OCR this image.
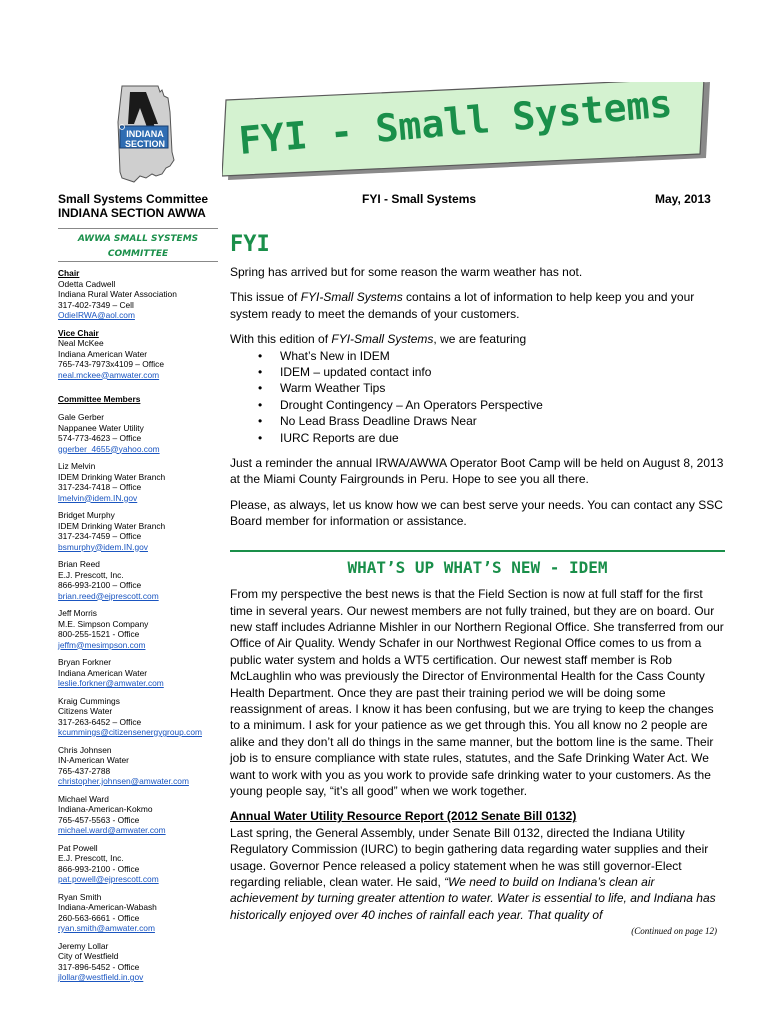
INDIANA
SECTION FYI - Small Systems
Small Systems Committee
INDIANA SECTION AWWA
FYI - Small Systems	May, 2013
AWWA SMALL SYSTEMS
COMMITTEE
Chair
Odetta Cadwell
Indiana Rural Water Association
317-402-7349 – Cell
OdieIRWA@aol.com
Vice Chair
Neal McKee
Indiana American Water
765-743-7973x4109 – Office
neal.mckee@amwater.com
Committee Members
Gale Gerber
Nappanee Water Utility
574-773-4623 – Office
ggerber_4655@yahoo.com
Liz Melvin
IDEM Drinking Water Branch
317-234-7418 – Office
lmelvin@idem.IN.gov
Bridget Murphy
IDEM Drinking Water Branch
317-234-7459 – Office
bsmurphy@idem.IN.gov
Brian Reed
E.J. Prescott, Inc.
866-993-2100 – Office
brian.reed@ejprescott.com
Jeff Morris
M.E. Simpson Company
800-255-1521 - Office
jeffm@mesimpson.com
Bryan Forkner
Indiana American Water
leslie.forkner@amwater.com
Kraig Cummings
Citizens Water
317-263-6452 – Office
kcummings@citizensenergygroup.com
Chris Johnsen
IN-American Water
765-437-2788
christopher.johnsen@amwater.com
Michael Ward
Indiana-American-Kokmo
765-457-5563 - Office
michael.ward@amwater.com
Pat Powell
E.J. Prescott, Inc.
866-993-2100 - Office
pat.powell@ejprescott.com
Ryan Smith
Indiana-American-Wabash
260-563-6661 - Office
ryan.smith@amwater.com
Jeremy Lollar
City of Westfield
317-896-5452 - Office
jlollar@westfield.in.gov
FYI

Spring has arrived but for some reason the warm weather has not.

This issue of FYI-Small Systems contains a lot of information to help keep you and your system ready to meet the demands of your customers.

With this edition of FYI-Small Systems, we are featuring

• What’s New in IDEM
• IDEM – updated contact info
• Warm Weather Tips
• Drought Contingency – An Operators Perspective
• No Lead Brass Deadline Draws Near
• IURC Reports are due

Just a reminder the annual IRWA/AWWA Operator Boot Camp will be held on August 8, 2013 at the Miami County Fairgrounds in Peru. Hope to see you all there.

Please, as always, let us know how we can best serve your needs. You can contact any SSC Board member for information or assistance.

WHAT’S UP WHAT’S NEW - IDEM

From my perspective the best news is that the Field Section is now at full staff for the first time in several years. Our newest members are not fully trained, but they are on board. Our new staff includes Adrianne Mishler in our Northern Regional Office. She transferred from our Office of Air Quality. Wendy Schafer in our Northwest Regional Office comes to us from a public water system and holds a WT5 certification. Our newest staff member is Rob McLaughlin who was previously the Director of Environmental Health for the Cass County Health Department. Once they are past their training period we will be doing some reassignment of areas. I know it has been confusing, but we are trying to keep the changes to a minimum. I ask for your patience as we get through this. You all know no 2 people are alike and they don’t all do things in the same manner, but the bottom line is the same. Their job is to ensure compliance with state rules, statutes, and the Safe Drinking Water Act. We want to work with you as you work to provide safe drinking water to your customers. As the young people say, “it’s all good” when we work together.

Annual Water Utility Resource Report (2012 Senate Bill 0132)

Last spring, the General Assembly, under Senate Bill 0132, directed the Indiana Utility Regulatory Commission (IURC) to begin gathering data regarding water supplies and their usage. Governor Pence released a policy statement when he was still governor-Elect regarding reliable, clean water. He said, “We need to build on Indiana’s clean air achievement by turning greater attention to water. Water is essential to life, and Indiana has historically enjoyed over 40 inches of rainfall each year. That quality of

(Continued on page 12)
